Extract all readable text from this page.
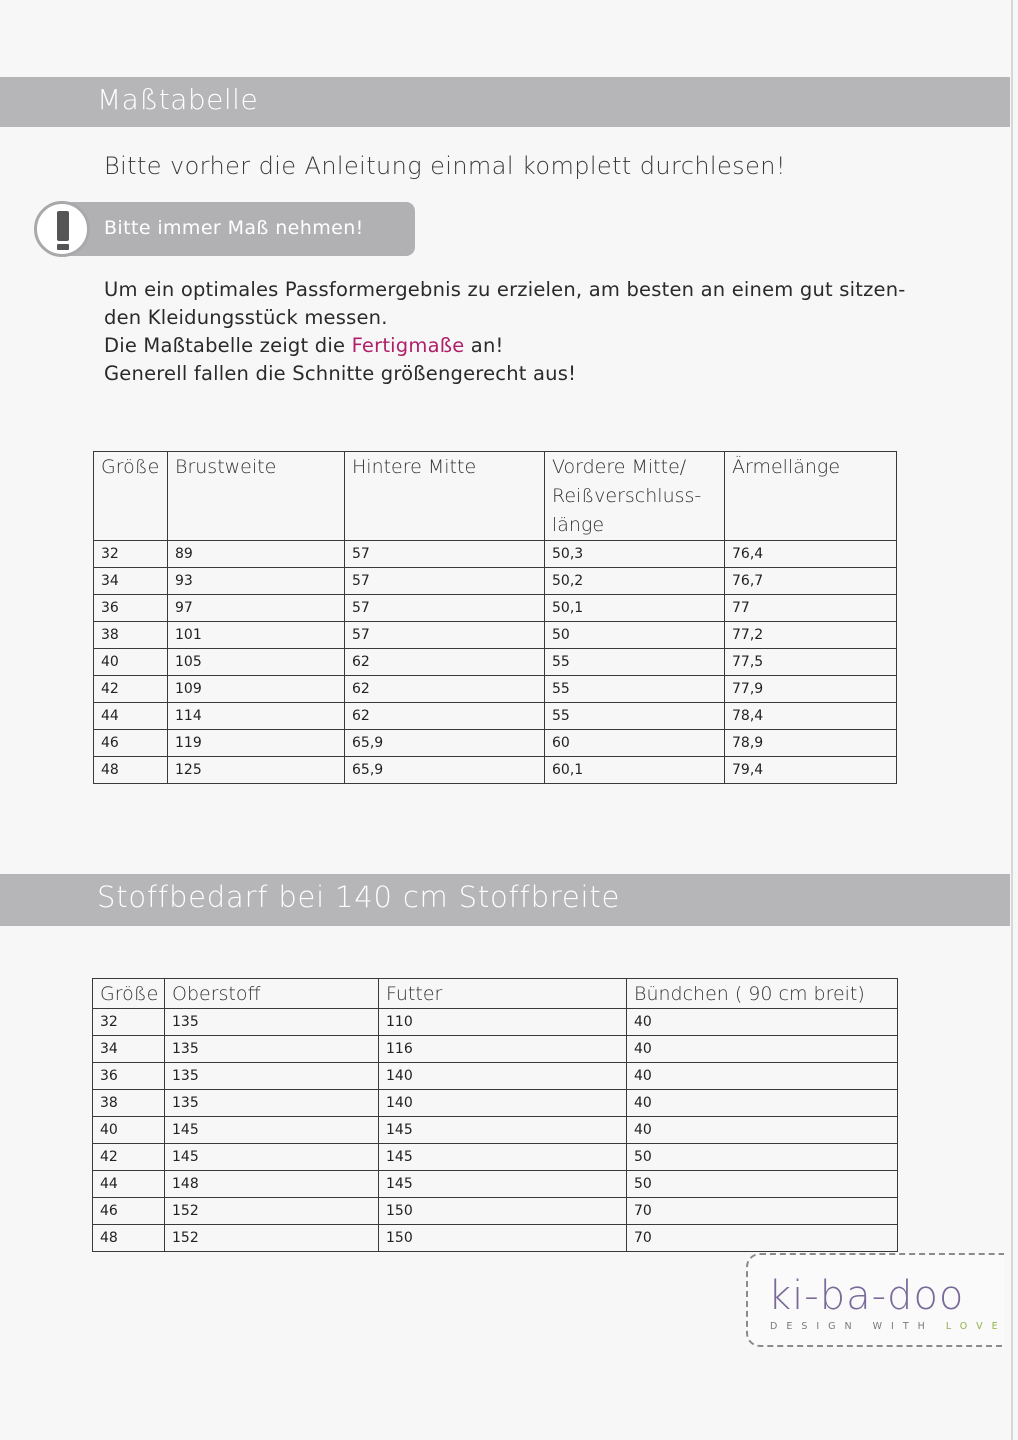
Maßtabelle
Bitte vorher die Anleitung einmal komplett durchlesen!
Bitte immer Maß nehmen!

Um ein optimales Passformergebnis zu erzielen, am besten an einem gut sitzen-

den Kleidungsstück messen.

Die Maßtabelle zeigt die Fertigmaße an!

Generell fallen die Schnitte größengerecht aus!

Größe	Brustweite	Hintere Mitte	Vordere Mitte/
Reißverschluss-
länge	Ärmellänge
32	89	57	50,3	76,4
34	93	57	50,2	76,7
36	97	57	50,1	77
38	101	57	50	77,2
40	105	62	55	77,5
42	109	62	55	77,9
44	114	62	55	78,4
46	119	65,9	60	78,9
48	125	65,9	60,1	79,4
Stoffbedarf bei 140 cm Stoffbreite
Größe	Oberstoff	Futter	Bündchen ( 90 cm breit)
32	135	110	40
34	135	116	40
36	135	140	40
38	135	140	40
40	145	145	40
42	145	145	50
44	148	145	50
46	152	150	70
48	152	150	70
ki-ba-doo
DESIGN WITH LOVE
